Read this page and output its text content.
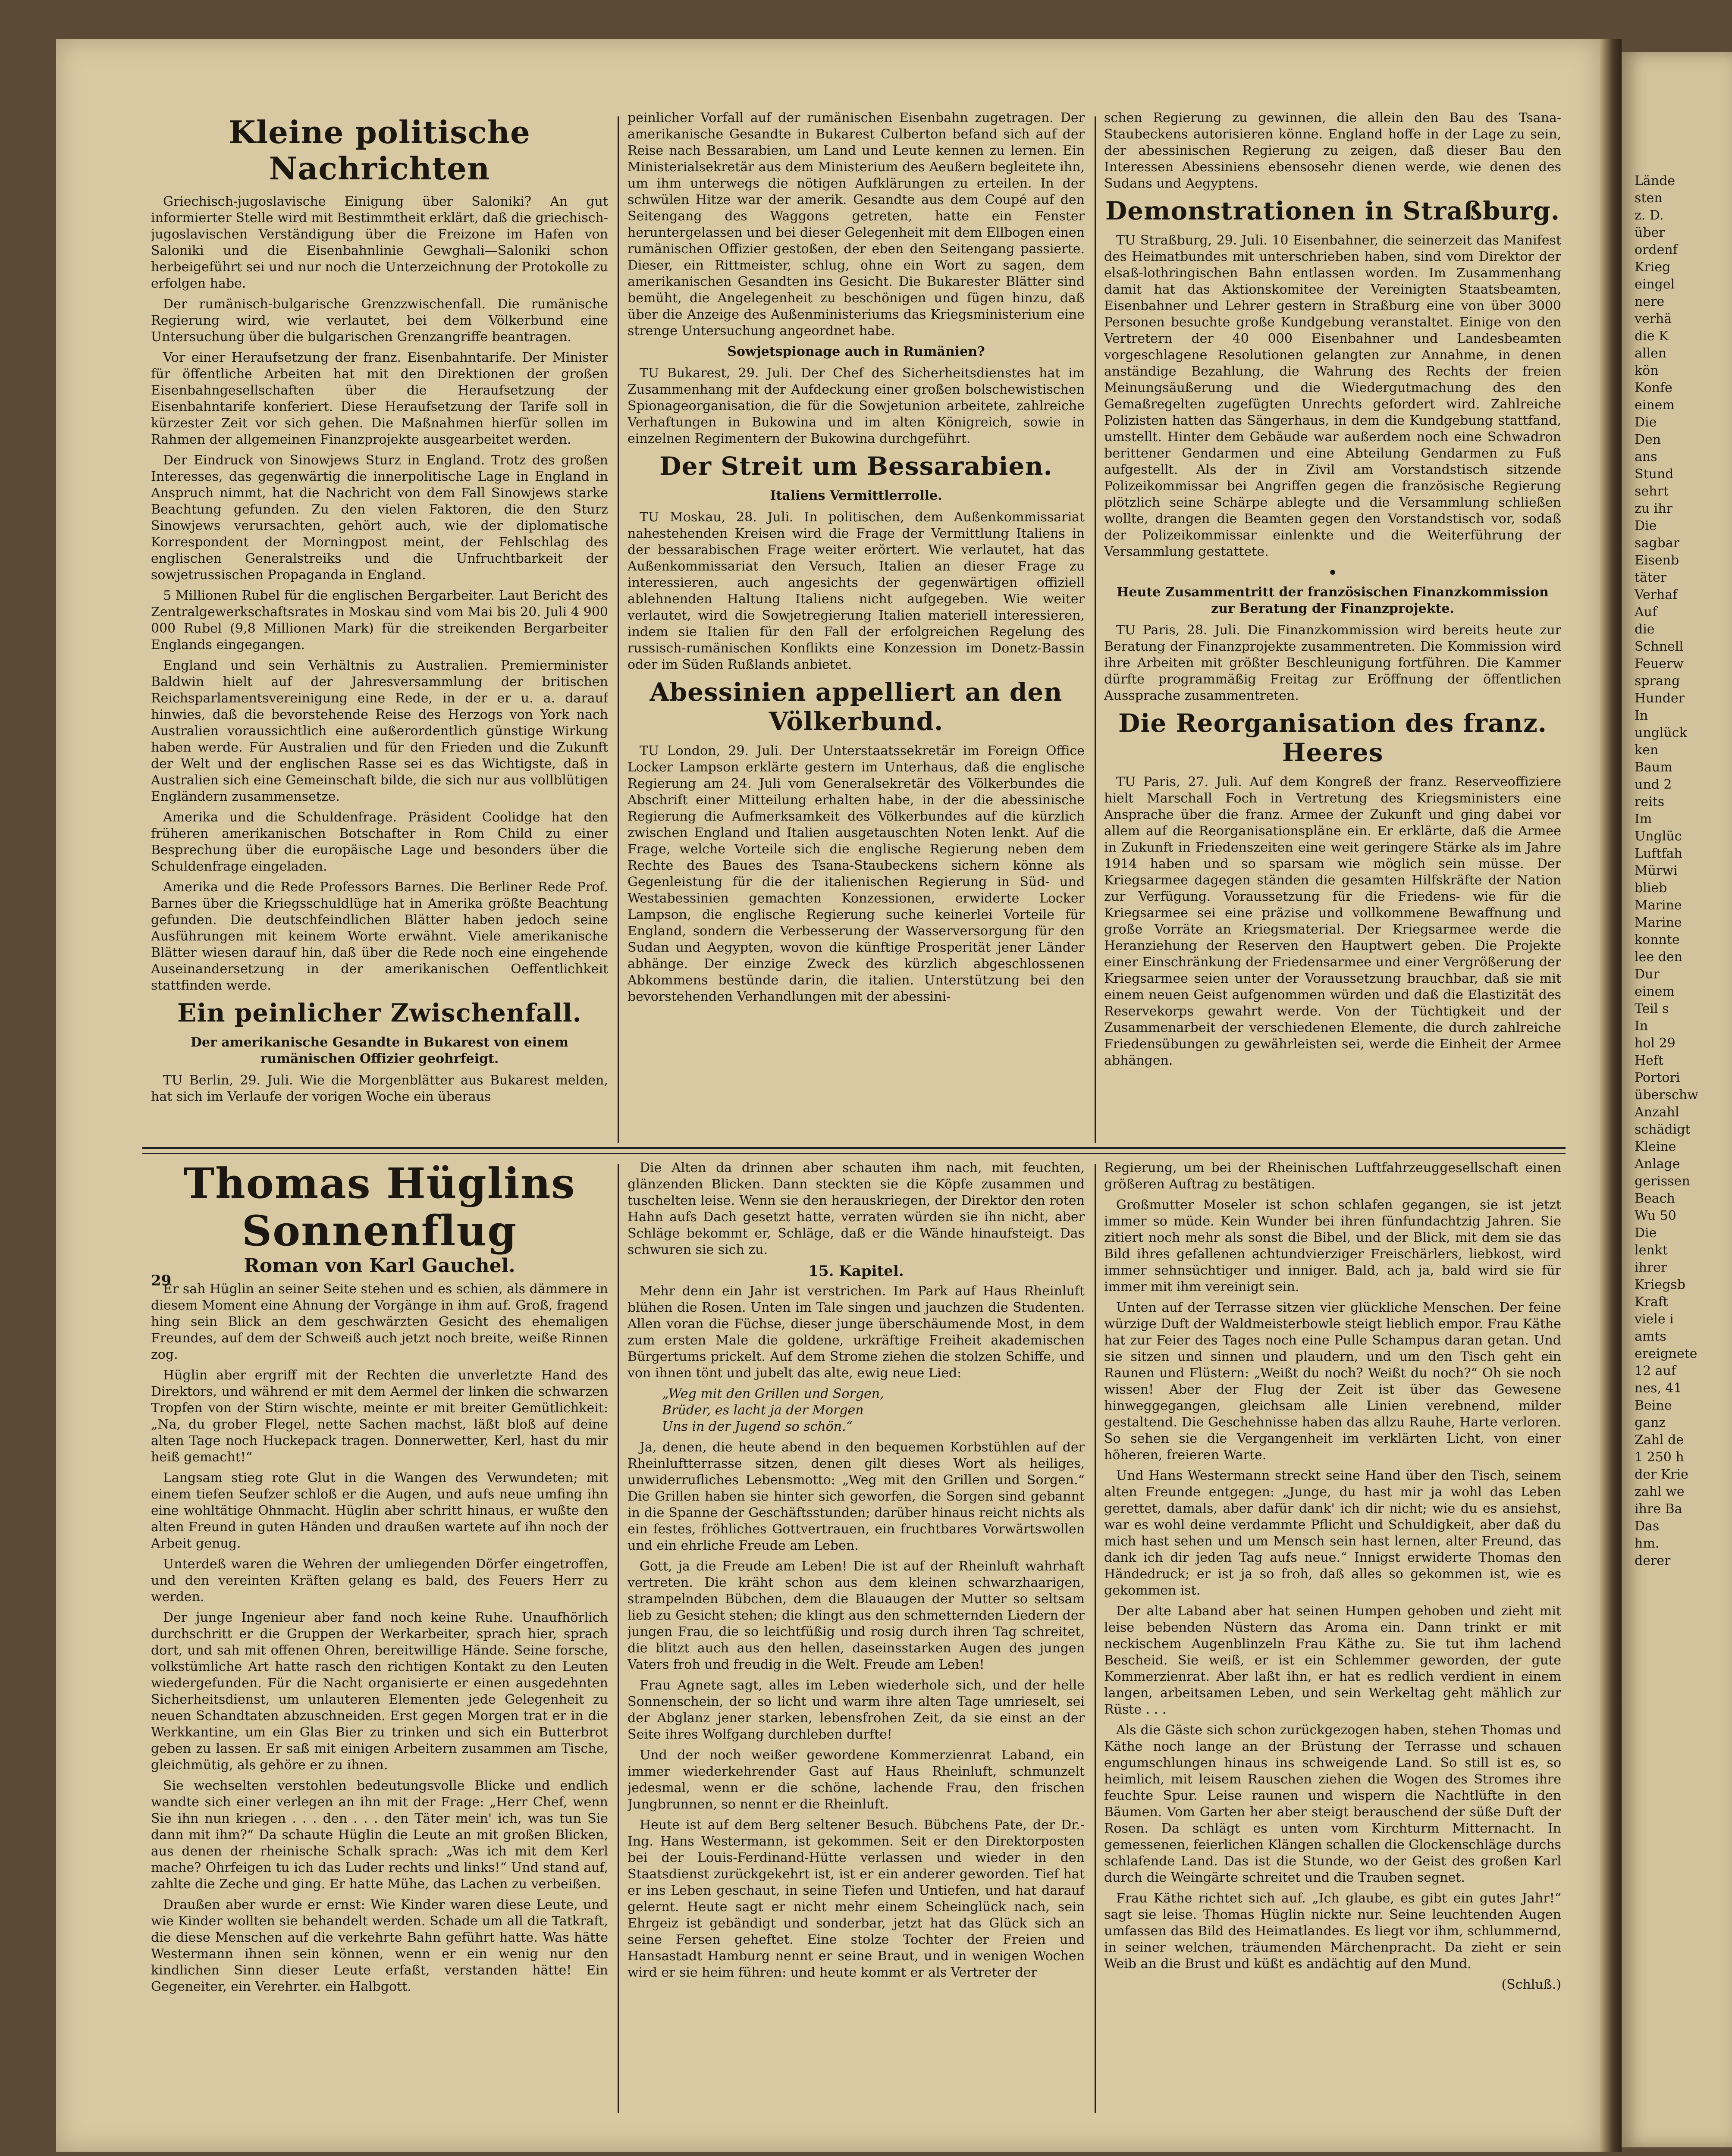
Kleine politische Nachrichten

Griechisch-jugoslavische Einigung über Saloniki? An gut informierter Stelle wird mit Bestimmtheit erklärt, daß die griechisch-jugoslavischen Verständigung über die Freizone im Hafen von Saloniki und die Eisenbahnlinie Gewghali—Saloniki schon herbeigeführt sei und nur noch die Unterzeichnung der Protokolle zu erfolgen habe.

Der rumänisch-bulgarische Grenzzwischenfall. Die rumänische Regierung wird, wie verlautet, bei dem Völkerbund eine Untersuchung über die bulgarischen Grenzangriffe beantragen.

Vor einer Heraufsetzung der franz. Eisenbahntarife. Der Minister für öffentliche Arbeiten hat mit den Direktionen der großen Eisenbahngesellschaften über die Heraufsetzung der Eisenbahntarife konferiert. Diese Heraufsetzung der Tarife soll in kürzester Zeit vor sich gehen. Die Maßnahmen hierfür sollen im Rahmen der allgemeinen Finanzprojekte ausgearbeitet werden.

Der Eindruck von Sinowjews Sturz in England. Trotz des großen Interesses, das gegenwärtig die innerpolitische Lage in England in Anspruch nimmt, hat die Nachricht von dem Fall Sinowjews starke Beachtung gefunden. Zu den vielen Faktoren, die den Sturz Sinowjews verursachten, gehört auch, wie der diplomatische Korrespondent der Morningpost meint, der Fehlschlag des englischen Generalstreiks und die Unfruchtbarkeit der sowjetrussischen Propaganda in England.

5 Millionen Rubel für die englischen Bergarbeiter. Laut Bericht des Zentralgewerkschaftsrates in Moskau sind vom Mai bis 20. Juli 4 900 000 Rubel (9,8 Millionen Mark) für die streikenden Bergarbeiter Englands eingegangen.

England und sein Verhältnis zu Australien. Premierminister Baldwin hielt auf der Jahresversammlung der britischen Reichsparlamentsvereinigung eine Rede, in der er u. a. darauf hinwies, daß die bevorstehende Reise des Herzogs von York nach Australien voraussichtlich eine außerordentlich günstige Wirkung haben werde. Für Australien und für den Frieden und die Zukunft der Welt und der englischen Rasse sei es das Wichtigste, daß in Australien sich eine Gemeinschaft bilde, die sich nur aus vollblütigen Engländern zusammensetze.

Amerika und die Schuldenfrage. Präsident Coolidge hat den früheren amerikanischen Botschafter in Rom Child zu einer Besprechung über die europäische Lage und besonders über die Schuldenfrage eingeladen.

Amerika und die Rede Professors Barnes. Die Berliner Rede Prof. Barnes über die Kriegsschuldlüge hat in Amerika größte Beachtung gefunden. Die deutschfeindlichen Blätter haben jedoch seine Ausführungen mit keinem Worte erwähnt. Viele amerikanische Blätter wiesen darauf hin, daß über die Rede noch eine eingehende Auseinandersetzung in der amerikanischen Oeffentlichkeit stattfinden werde.

Ein peinlicher Zwischenfall.
Der amerikanische Gesandte in Bukarest von einem rumänischen Offizier geohrfeigt.

TU Berlin, 29. Juli. Wie die Morgenblätter aus Bukarest melden, hat sich im Verlaufe der vorigen Woche ein überaus

peinlicher Vorfall auf der rumänischen Eisenbahn zugetragen. Der amerikanische Gesandte in Bukarest Culberton befand sich auf der Reise nach Bessarabien, um Land und Leute kennen zu lernen. Ein Ministerialsekretär aus dem Ministerium des Aeußern begleitete ihn, um ihm unterwegs die nötigen Aufklärungen zu erteilen. In der schwülen Hitze war der amerik. Gesandte aus dem Coupé auf den Seitengang des Waggons getreten, hatte ein Fenster heruntergelassen und bei dieser Gelegenheit mit dem Ellbogen einen rumänischen Offizier gestoßen, der eben den Seitengang passierte. Dieser, ein Rittmeister, schlug, ohne ein Wort zu sagen, dem amerikanischen Gesandten ins Gesicht. Die Bukarester Blätter sind bemüht, die Angelegenheit zu beschönigen und fügen hinzu, daß über die Anzeige des Außenministeriums das Kriegsministerium eine strenge Untersuchung angeordnet habe.

Sowjetspionage auch in Rumänien?

TU Bukarest, 29. Juli. Der Chef des Sicherheitsdienstes hat im Zusammenhang mit der Aufdeckung einer großen bolschewistischen Spionageorganisation, die für die Sowjetunion arbeitete, zahlreiche Verhaftungen in Bukowina und im alten Königreich, sowie in einzelnen Regimentern der Bukowina durchgeführt.

Der Streit um Bessarabien.
Italiens Vermittlerrolle.

TU Moskau, 28. Juli. In politischen, dem Außenkommissariat nahestehenden Kreisen wird die Frage der Vermittlung Italiens in der bessarabischen Frage weiter erörtert. Wie verlautet, hat das Außenkommissariat den Versuch, Italien an dieser Frage zu interessieren, auch angesichts der gegenwärtigen offiziell ablehnenden Haltung Italiens nicht aufgegeben. Wie weiter verlautet, wird die Sowjetregierung Italien materiell interessieren, indem sie Italien für den Fall der erfolgreichen Regelung des russisch-rumänischen Konflikts eine Konzession im Donetz-Bassin oder im Süden Rußlands anbietet.

Abessinien appelliert an den Völkerbund.

TU London, 29. Juli. Der Unterstaatssekretär im Foreign Office Locker Lampson erklärte gestern im Unterhaus, daß die englische Regierung am 24. Juli vom Generalsekretär des Völkerbundes die Abschrift einer Mitteilung erhalten habe, in der die abessinische Regierung die Aufmerksamkeit des Völkerbundes auf die kürzlich zwischen England und Italien ausgetauschten Noten lenkt. Auf die Frage, welche Vorteile sich die englische Regierung neben dem Rechte des Baues des Tsana-Staubeckens sichern könne als Gegenleistung für die der italienischen Regierung in Süd- und Westabessinien gemachten Konzessionen, erwiderte Locker Lampson, die englische Regierung suche keinerlei Vorteile für England, sondern die Verbesserung der Wasserversorgung für den Sudan und Aegypten, wovon die künftige Prosperität jener Länder abhänge. Der einzige Zweck des kürzlich abgeschlossenen Abkommens bestünde darin, die italien. Unterstützung bei den bevorstehenden Verhandlungen mit der abessini-

schen Regierung zu gewinnen, die allein den Bau des Tsana-Staubeckens autorisieren könne. England hoffe in der Lage zu sein, der abessinischen Regierung zu zeigen, daß dieser Bau den Interessen Abessiniens ebensosehr dienen werde, wie denen des Sudans und Aegyptens.

Demonstrationen in Straßburg.

TU Straßburg, 29. Juli. 10 Eisenbahner, die seinerzeit das Manifest des Heimatbundes mit unterschrieben haben, sind vom Direktor der elsaß-lothringischen Bahn entlassen worden. Im Zusammenhang damit hat das Aktionskomitee der Vereinigten Staatsbeamten, Eisenbahner und Lehrer gestern in Straßburg eine von über 3000 Personen besuchte große Kundgebung veranstaltet. Einige von den Vertretern der 40 000 Eisenbahner und Landesbeamten vorgeschlagene Resolutionen gelangten zur Annahme, in denen anständige Bezahlung, die Wahrung des Rechts der freien Meinungsäußerung und die Wiedergutmachung des den Gemaßregelten zugefügten Unrechts gefordert wird. Zahlreiche Polizisten hatten das Sängerhaus, in dem die Kundgebung stattfand, umstellt. Hinter dem Gebäude war außerdem noch eine Schwadron berittener Gendarmen und eine Abteilung Gendarmen zu Fuß aufgestellt. Als der in Zivil am Vorstandstisch sitzende Polizeikommissar bei Angriffen gegen die französische Regierung plötzlich seine Schärpe ablegte und die Versammlung schließen wollte, drangen die Beamten gegen den Vorstandstisch vor, sodaß der Polizeikommissar einlenkte und die Weiterführung der Versammlung gestattete.

•
Heute Zusammentritt der französischen Finanzkommission zur Beratung der Finanzprojekte.

TU Paris, 28. Juli. Die Finanzkommission wird bereits heute zur Beratung der Finanzprojekte zusammentreten. Die Kommission wird ihre Arbeiten mit größter Beschleunigung fortführen. Die Kammer dürfte programmäßig Freitag zur Eröffnung der öffentlichen Aussprache zusammentreten.

Die Reorganisation des franz. Heeres

TU Paris, 27. Juli. Auf dem Kongreß der franz. Reserveoffiziere hielt Marschall Foch in Vertretung des Kriegsministers eine Ansprache über die franz. Armee der Zukunft und ging dabei vor allem auf die Reorganisationspläne ein. Er erklärte, daß die Armee in Zukunft in Friedenszeiten eine weit geringere Stärke als im Jahre 1914 haben und so sparsam wie möglich sein müsse. Der Kriegsarmee dagegen ständen die gesamten Hilfskräfte der Nation zur Verfügung. Voraussetzung für die Friedens- wie für die Kriegsarmee sei eine präzise und vollkommene Bewaffnung und große Vorräte an Kriegsmaterial. Der Kriegsarmee werde die Heranziehung der Reserven den Hauptwert geben. Die Projekte einer Einschränkung der Friedensarmee und einer Vergrößerung der Kriegsarmee seien unter der Voraussetzung brauchbar, daß sie mit einem neuen Geist aufgenommen würden und daß die Elastizität des Reservekorps gewahrt werde. Von der Tüchtigkeit und der Zusammenarbeit der verschiedenen Elemente, die durch zahlreiche Friedensübungen zu gewährleisten sei, werde die Einheit der Armee abhängen.

Thomas Hüglins Sonnenflug
Roman von Karl Gauchel.

Er sah Hüglin an seiner Seite stehen und es schien, als dämmere in diesem Moment eine Ahnung der Vorgänge in ihm auf. Groß, fragend hing sein Blick an dem geschwärzten Gesicht des ehemaligen Freundes, auf dem der Schweiß auch jetzt noch breite, weiße Rinnen zog.

Hüglin aber ergriff mit der Rechten die unverletzte Hand des Direktors, und während er mit dem Aermel der linken die schwarzen Tropfen von der Stirn wischte, meinte er mit breiter Gemütlichkeit: „Na, du grober Flegel, nette Sachen machst, läßt bloß auf deine alten Tage noch Huckepack tragen. Donnerwetter, Kerl, hast du mir heiß gemacht!“

Langsam stieg rote Glut in die Wangen des Verwundeten; mit einem tiefen Seufzer schloß er die Augen, und aufs neue umfing ihn eine wohltätige Ohnmacht. Hüglin aber schritt hinaus, er wußte den alten Freund in guten Händen und draußen wartete auf ihn noch der Arbeit genug.

Unterdeß waren die Wehren der umliegenden Dörfer eingetroffen, und den vereinten Kräften gelang es bald, des Feuers Herr zu werden.

Der junge Ingenieur aber fand noch keine Ruhe. Unaufhörlich durchschritt er die Gruppen der Werkarbeiter, sprach hier, sprach dort, und sah mit offenen Ohren, bereitwillige Hände. Seine forsche, volkstümliche Art hatte rasch den richtigen Kontakt zu den Leuten wiedergefunden. Für die Nacht organisierte er einen ausgedehnten Sicherheitsdienst, um unlauteren Elementen jede Gelegenheit zu neuen Schandtaten abzuschneiden. Erst gegen Morgen trat er in die Werkkantine, um ein Glas Bier zu trinken und sich ein Butterbrot geben zu lassen. Er saß mit einigen Arbeitern zusammen am Tische, gleichmütig, als gehöre er zu ihnen.

Sie wechselten verstohlen bedeutungsvolle Blicke und endlich wandte sich einer verlegen an ihn mit der Frage: „Herr Chef, wenn Sie ihn nun kriegen . . . den . . . den Täter mein' ich, was tun Sie dann mit ihm?“ Da schaute Hüglin die Leute an mit großen Blicken, aus denen der rheinische Schalk sprach: „Was ich mit dem Kerl mache? Ohrfeigen tu ich das Luder rechts und links!“ Und stand auf, zahlte die Zeche und ging. Er hatte Mühe, das Lachen zu verbeißen.

Draußen aber wurde er ernst: Wie Kinder waren diese Leute, und wie Kinder wollten sie behandelt werden. Schade um all die Tatkraft, die diese Menschen auf die verkehrte Bahn geführt hatte. Was hätte Westermann ihnen sein können, wenn er ein wenig nur den kindlichen Sinn dieser Leute erfaßt, verstanden hätte! Ein Gegeneiter, ein Verehrter. ein Halbgott.

29

Die Alten da drinnen aber schauten ihm nach, mit feuchten, glänzenden Blicken. Dann steckten sie die Köpfe zusammen und tuschelten leise. Wenn sie den herauskriegen, der Direktor den roten Hahn aufs Dach gesetzt hatte, verraten würden sie ihn nicht, aber Schläge bekommt er, Schläge, daß er die Wände hinaufsteigt. Das schwuren sie sich zu.

15. Kapitel.

Mehr denn ein Jahr ist verstrichen. Im Park auf Haus Rheinluft blühen die Rosen. Unten im Tale singen und jauchzen die Studenten. Allen voran die Füchse, dieser junge überschäumende Most, in dem zum ersten Male die goldene, urkräftige Freiheit akademischen Bürgertums prickelt. Auf dem Strome ziehen die stolzen Schiffe, und von ihnen tönt und jubelt das alte, ewig neue Lied:

„Weg mit den Grillen und Sorgen,
Brüder, es lacht ja der Morgen
Uns in der Jugend so schön.“

Ja, denen, die heute abend in den bequemen Korbstühlen auf der Rheinluftterrasse sitzen, denen gilt dieses Wort als heiliges, unwiderrufliches Lebensmotto: „Weg mit den Grillen und Sorgen.“ Die Grillen haben sie hinter sich geworfen, die Sorgen sind gebannt in die Spanne der Geschäftsstunden; darüber hinaus reicht nichts als ein festes, fröhliches Gottvertrauen, ein fruchtbares Vorwärtswollen und ein ehrliche Freude am Leben.

Gott, ja die Freude am Leben! Die ist auf der Rheinluft wahrhaft vertreten. Die kräht schon aus dem kleinen schwarzhaarigen, strampelnden Bübchen, dem die Blauaugen der Mutter so seltsam lieb zu Gesicht stehen; die klingt aus den schmetternden Liedern der jungen Frau, die so leichtfüßig und rosig durch ihren Tag schreitet, die blitzt auch aus den hellen, daseinsstarken Augen des jungen Vaters froh und freudig in die Welt. Freude am Leben!

Frau Agnete sagt, alles im Leben wiederhole sich, und der helle Sonnenschein, der so licht und warm ihre alten Tage umrieselt, sei der Abglanz jener starken, lebensfrohen Zeit, da sie einst an der Seite ihres Wolfgang durchleben durfte!

Und der noch weißer gewordene Kommerzienrat Laband, ein immer wiederkehrender Gast auf Haus Rheinluft, schmunzelt jedesmal, wenn er die schöne, lachende Frau, den frischen Jungbrunnen, so nennt er die Rheinluft.

Heute ist auf dem Berg seltener Besuch. Bübchens Pate, der Dr.-Ing. Hans Westermann, ist gekommen. Seit er den Direktorposten bei der Louis-Ferdinand-Hütte verlassen und wieder in den Staatsdienst zurückgekehrt ist, ist er ein anderer geworden. Tief hat er ins Leben geschaut, in seine Tiefen und Untiefen, und hat darauf gelernt. Heute sagt er nicht mehr einem Scheinglück nach, sein Ehrgeiz ist gebändigt und sonderbar, jetzt hat das Glück sich an seine Fersen geheftet. Eine stolze Tochter der Freien und Hansastadt Hamburg nennt er seine Braut, und in wenigen Wochen wird er sie heim führen: und heute kommt er als Vertreter der

Regierung, um bei der Rheinischen Luftfahrzeuggesellschaft einen größeren Auftrag zu bestätigen.

Großmutter Moseler ist schon schlafen gegangen, sie ist jetzt immer so müde. Kein Wunder bei ihren fünfundachtzig Jahren. Sie zitiert noch mehr als sonst die Bibel, und der Blick, mit dem sie das Bild ihres gefallenen achtundvierziger Freischärlers, liebkost, wird immer sehnsüchtiger und inniger. Bald, ach ja, bald wird sie für immer mit ihm vereinigt sein.

Unten auf der Terrasse sitzen vier glückliche Menschen. Der feine würzige Duft der Waldmeisterbowle steigt lieblich empor. Frau Käthe hat zur Feier des Tages noch eine Pulle Schampus daran getan. Und sie sitzen und sinnen und plaudern, und um den Tisch geht ein Raunen und Flüstern: „Weißt du noch? Weißt du noch?“ Oh sie noch wissen! Aber der Flug der Zeit ist über das Gewesene hinweggegangen, gleichsam alle Linien verebnend, milder gestaltend. Die Geschehnisse haben das allzu Rauhe, Harte verloren. So sehen sie die Vergangenheit im verklärten Licht, von einer höheren, freieren Warte.

Und Hans Westermann streckt seine Hand über den Tisch, seinem alten Freunde entgegen: „Junge, du hast mir ja wohl das Leben gerettet, damals, aber dafür dank' ich dir nicht; wie du es ansiehst, war es wohl deine verdammte Pflicht und Schuldigkeit, aber daß du mich hast sehen und um Mensch sein hast lernen, alter Freund, das dank ich dir jeden Tag aufs neue.“ Innigst erwiderte Thomas den Händedruck; er ist ja so froh, daß alles so gekommen ist, wie es gekommen ist.

Der alte Laband aber hat seinen Humpen gehoben und zieht mit leise bebenden Nüstern das Aroma ein. Dann trinkt er mit neckischem Augenblinzeln Frau Käthe zu. Sie tut ihm lachend Bescheid. Sie weiß, er ist ein Schlemmer geworden, der gute Kommerzienrat. Aber laßt ihn, er hat es redlich verdient in einem langen, arbeitsamen Leben, und sein Werkeltag geht mählich zur Rüste . . .

Als die Gäste sich schon zurückgezogen haben, stehen Thomas und Käthe noch lange an der Brüstung der Terrasse und schauen engumschlungen hinaus ins schweigende Land. So still ist es, so heimlich, mit leisem Rauschen ziehen die Wogen des Stromes ihre feuchte Spur. Leise raunen und wispern die Nachtlüfte in den Bäumen. Vom Garten her aber steigt berauschend der süße Duft der Rosen. Da schlägt es unten vom Kirchturm Mitternacht. In gemessenen, feierlichen Klängen schallen die Glockenschläge durchs schlafende Land. Das ist die Stunde, wo der Geist des großen Karl durch die Weingärte schreitet und die Trauben segnet.

Frau Käthe richtet sich auf. „Ich glaube, es gibt ein gutes Jahr!“ sagt sie leise. Thomas Hüglin nickte nur. Seine leuchtenden Augen umfassen das Bild des Heimatlandes. Es liegt vor ihm, schlummernd, in seiner welchen, träumenden Märchenpracht. Da zieht er sein Weib an die Brust und küßt es andächtig auf den Mund.

(Schluß.)

Lände

sten

z. D.

über

ordenf

Krieg

eingel

nere

verhä

die K

allen

kön

Konfe

einem

Die

Den

ans

Stund

sehrt

zu ihr

Die

sagbar

Eisenb

täter

Verhaf

Auf

die

Schnell

Feuerw

sprang

Hunder

In

unglück

ken

Baum

und 2

reits

Im

Unglüc

Luftfah

Mürwi

blieb

Marine

Marine

konnte

lee den

Dur

einem

Teil s

In

hol 29

Heft

Portori

überschw

Anzahl

schädigt

Kleine

Anlage

gerissen

Beach

Wu 50

Die

lenkt

ihrer

Kriegsb

Kraft

viele i

amts

ereignete

12 auf

nes, 41

Beine

ganz

Zahl de

1 250 h

der Krie

zahl we

ihre Ba

Das

hm.

derer
